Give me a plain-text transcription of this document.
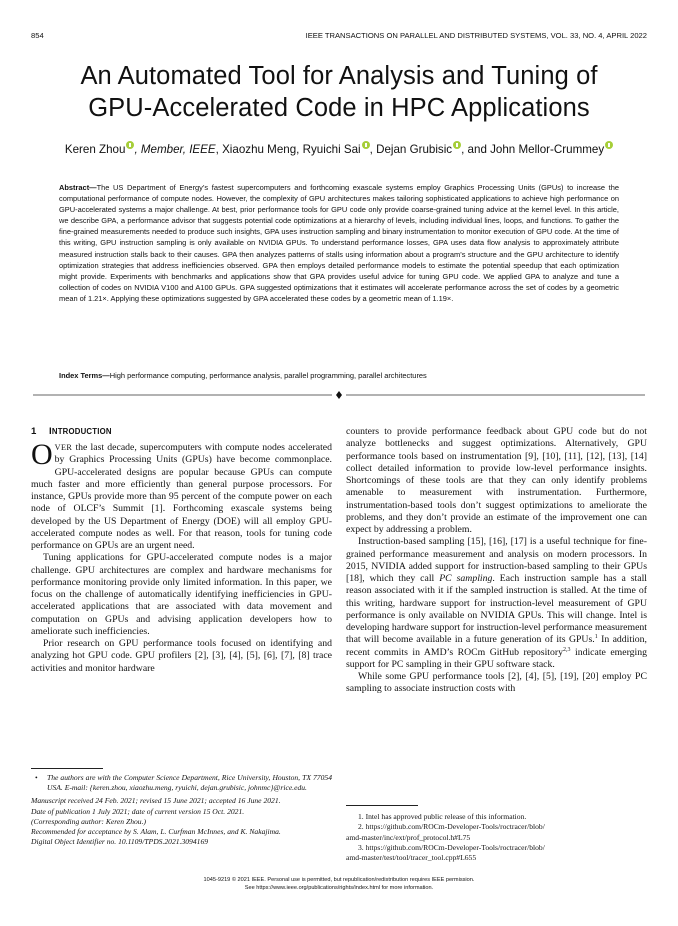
854	IEEE TRANSACTIONS ON PARALLEL AND DISTRIBUTED SYSTEMS, VOL. 33, NO. 4, APRIL 2022
An Automated Tool for Analysis and Tuning of
GPU-Accelerated Code in HPC Applications
Keren Zhou , Member, IEEE, Xiaozhu Meng, Ryuichi Sai , Dejan Grubisic , and John Mellor-Crummey
Abstract—The US Department of Energy’s fastest supercomputers and forthcoming exascale systems employ Graphics Processing Units (GPUs) to increase the computational performance of compute nodes. However, the complexity of GPU architectures makes tailoring sophisticated applications to achieve high performance on GPU-accelerated systems a major challenge. At best, prior performance tools for GPU code only provide coarse-grained tuning advice at the kernel level. In this article, we describe GPA, a performance advisor that suggests potential code optimizations at a hierarchy of levels, including individual lines, loops, and functions. To gather the fine-grained measurements needed to produce such insights, GPA uses instruction sampling and binary instrumentation to monitor execution of GPU code. At the time of this writing, GPU instruction sampling is only available on NVIDIA GPUs. To understand performance losses, GPA uses data flow analysis to approximately attribute measured instruction stalls back to their causes. GPA then analyzes patterns of stalls using information about a program’s structure and the GPU architecture to identify optimization strategies that address inefficiencies observed. GPA then employs detailed performance models to estimate the potential speedup that each optimization might provide. Experiments with benchmarks and applications show that GPA provides useful advice for tuning GPU code. We applied GPA to analyze and tune a collection of codes on NVIDIA V100 and A100 GPUs. GPA suggested optimizations that it estimates will accelerate performance across the set of codes by a geometric mean of 1.21×. Applying these optimizations suggested by GPA accelerated these codes by a geometric mean of 1.19×.
Index Terms—High performance computing, performance analysis, parallel programming, parallel architectures
1 INTRODUCTION

OVER the last decade, supercomputers with compute nodes accelerated by Graphics Processing Units (GPUs) have become commonplace. GPU-accelerated designs are popular because GPUs can compute much faster and more efficiently than general purpose processors. For instance, GPUs provide more than 95 percent of the compute power on each node of OLCF’s Summit [1]. Forthcoming exascale systems being developed by the US Department of Energy (DOE) will all employ GPU-accelerated compute nodes as well. For that reason, tools for tuning code performance on GPUs are an urgent need.

Tuning applications for GPU-accelerated compute nodes is a major challenge. GPU architectures are complex and hardware mechanisms for performance monitoring provide only limited information. In this paper, we focus on the challenge of automatically identifying inefficiencies in GPU-accelerated applications that are associated with data movement and computation on GPUs and advising application developers how to ameliorate such inefficiencies.

Prior research on GPU performance tools focused on identifying and analyzing hot GPU code. GPU profilers [2], [3], [4], [5], [6], [7], [8] trace activities and monitor hardware

• The authors are with the Computer Science Department, Rice University, Houston, TX 77054 USA. E-mail: {keren.zhou, xiaozhu.meng, ryuichi, dejan.grubisic, johnmc}@rice.edu.
Manuscript received 24 Feb. 2021; revised 15 June 2021; accepted 16 June 2021.
Date of publication 1 July 2021; date of current version 15 Oct. 2021.
(Corresponding author: Keren Zhou.)
Recommended for acceptance by S. Alam, L. Curfman McInnes, and K. Nakajima.
Digital Object Identifier no. 10.1109/TPDS.2021.3094169

counters to provide performance feedback about GPU code but do not analyze bottlenecks and suggest optimizations. Alternatively, GPU performance tools based on instrumentation [9], [10], [11], [12], [13], [14] collect detailed information to provide low-level performance insights. Shortcomings of these tools are that they can only identify problems amenable to measurement with instrumentation. Furthermore, instrumentation-based tools don’t suggest optimizations to ameliorate the problems, and they don’t provide an estimate of the improvement one can expect by addressing a problem.

Instruction-based sampling [15], [16], [17] is a useful technique for fine-grained performance measurement and analysis on modern processors. In 2015, NVIDIA added support for instruction-based sampling to their GPUs [18], which they call PC sampling. Each instruction sample has a stall reason associated with it if the sampled instruction is stalled. At the time of this writing, hardware support for instruction-level measurement of GPU performance is only available on NVIDIA GPUs. This will change. Intel is developing hardware support for instruction-level performance measurement that will become available in a future generation of its GPUs.$^1$ In addition, recent commits in AMD’s ROCm GitHub repository$^{2,3}$ indicate emerging support for PC sampling in their GPU software stack.

While some GPU performance tools [2], [4], [5], [19], [20] employ PC sampling to associate instruction costs with

1. Intel has approved public release of this information.

2. https://github.com/ROCm-Developer-Tools/roctracer/blob/

amd-master/inc/ext/prof_protocol.h#L75

3. https://github.com/ROCm-Developer-Tools/roctracer/blob/

amd-master/test/tool/tracer_tool.cpp#L655
1045-9219 © 2021 IEEE. Personal use is permitted, but republication/redistribution requires IEEE permission.
See https://www.ieee.org/publications/rights/index.html for more information.
